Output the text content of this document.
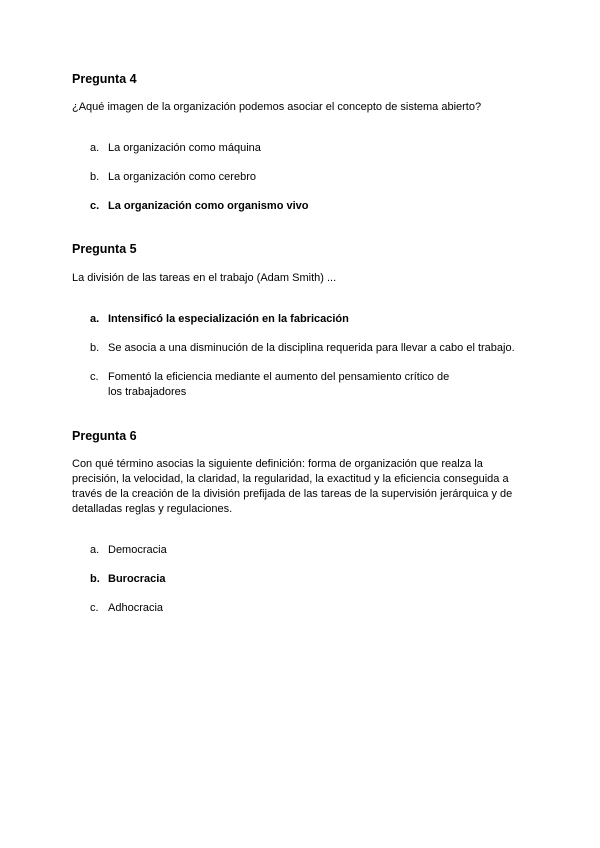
Pregunta 4

¿Aqué imagen de la organización podemos asociar el concepto de sistema abierto?

a. La organización como máquina
b. La organización como cerebro
c. La organización como organismo vivo
Pregunta 5

La división de las tareas en el trabajo (Adam Smith) ...

a. Intensificó la especialización en la fabricación
b. Se asocia a una disminución de la disciplina requerida para llevar a cabo el trabajo.
c. Fomentó la eficiencia mediante el aumento del pensamiento crítico de los trabajadores
Pregunta 6

Con qué término asocias la siguiente definición: forma de organización que realza la precisión, la velocidad, la claridad, la regularidad, la exactitud y la eficiencia conseguida a través de la creación de la división prefijada de las tareas de la supervisión jerárquica y de detalladas reglas y regulaciones.

a. Democracia
b. Burocracia
c. Adhocracia
